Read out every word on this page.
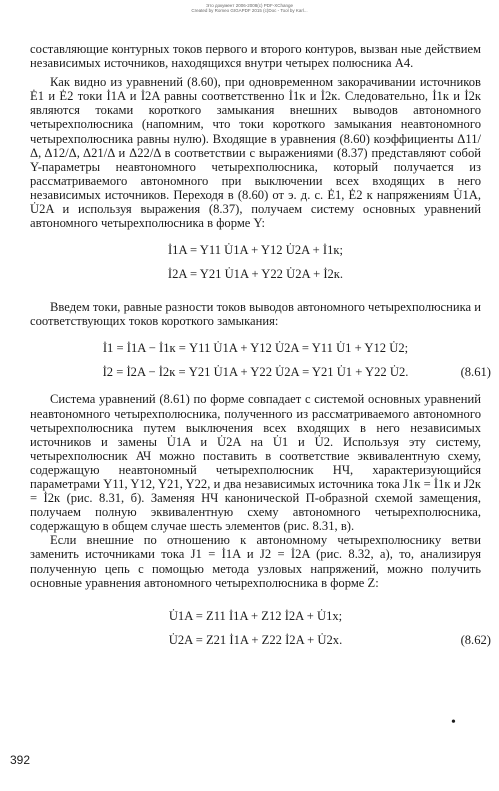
Это документ 2006-2008(c) PDF-XChange
Created by Romeo GIGAPDF 2015 (c)Doc - Tool by Karl...

составляющие контурных токов первого и второго контуров, вызван ные действием независимых источников, находящихся внутри четырех полюсника А4.

Как видно из уравнений (8.60), при одновременном закорачивании источников Ė1 и Ė2 токи İ1A и İ2A равны соответственно İ1к и İ2к. Следовательно, İ1к и İ2к являются токами короткого замыкания внешних выводов автономного четырехполюсника (напомним, что токи короткого замыкания неавтономного четырехполюсника равны нулю). Входящие в уравнения (8.60) коэффициенты Δ11/Δ, Δ12/Δ, Δ21/Δ и Δ22/Δ в соответствии с выражениями (8.37) представляют собой Y-параметры неавтономного четырехполюсника, который получается из рассматриваемого автономного при выключении всех входящих в него независимых источников. Переходя в (8.60) от э. д. с. Ė1, Ė2 к напряжениям U̇1A, U̇2A и используя выражения (8.37), получаем систему основных уравнений автономного четырехполюсника в форме Y:

İ1A = Y11 U̇1A + Y12 U̇2A + İ1к;
İ2A = Y21 U̇1A + Y22 U̇2A + İ2к.

Введем токи, равные разности токов выводов автономного четырехполюсника и соответствующих токов короткого замыкания:

İ1 = İ1A − İ1к = Y11 U̇1A + Y12 U̇2A = Y11 U̇1 + Y12 U̇2;
İ2 = İ2A − İ2к = Y21 U̇1A + Y22 U̇2A = Y21 U̇1 + Y22 U̇2.	(8.61)

Система уравнений (8.61) по форме совпадает с системой основных уравнений неавтономного четырехполюсника, полученного из рассматриваемого автономного четырехполюсника путем выключения всех входящих в него независимых источников и замены U̇1A и U̇2A на U̇1 и U̇2. Используя эту систему, четырехполюсник АЧ можно поставить в соответствие эквивалентную схему, содержащую неавтономный четырехполюсник НЧ, характеризующийся параметрами Y11, Y12, Y21, Y22, и два независимых источника тока J1к = İ1к и J2к = İ2к (рис. 8.31, б). Заменяя НЧ канонической П-образной схемой замещения, получаем полную эквивалентную схему автономного четырехполюсника, содержащую в общем случае шесть элементов (рис. 8.31, в).

Если внешние по отношению к автономному четырехполюснику ветви заменить источниками тока J1 = İ1A и J2 = İ2A (рис. 8.32, а), то, анализируя полученную цепь с помощью метода узловых напряжений, можно получить основные уравнения автономного четырехполюсника в форме Z:

U̇1A = Z11 İ1A + Z12 İ2A + U̇1х;
U̇2A = Z21 İ1A + Z22 İ2A + U̇2х.	(8.62)
•
392
